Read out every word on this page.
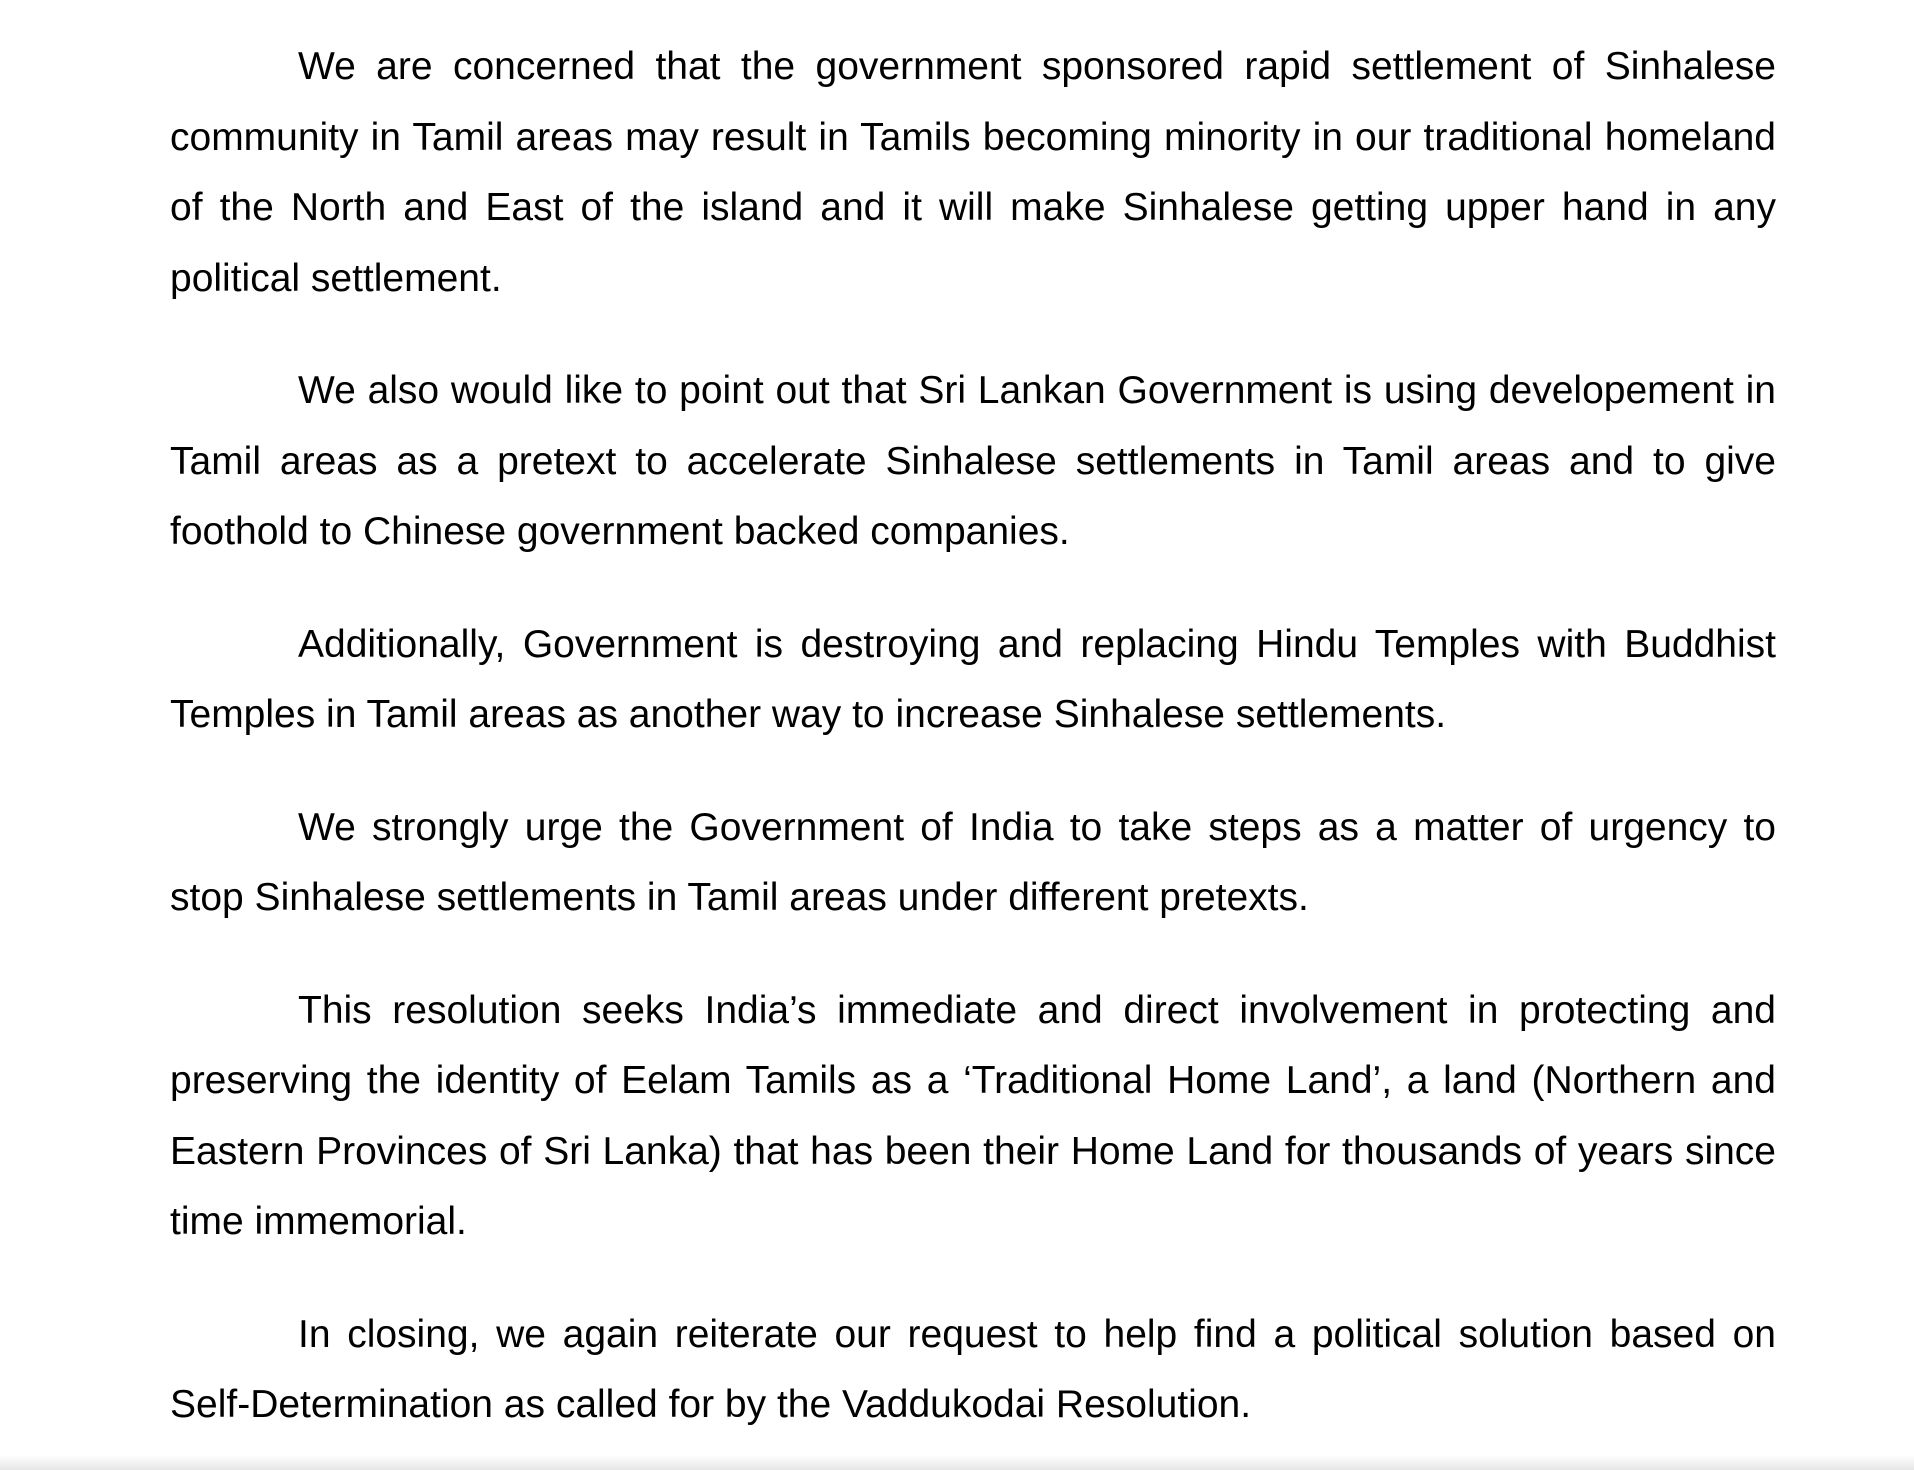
We are concerned that the government sponsored rapid settlement of Sinhalese community in Tamil areas may result in Tamils becoming minority in our traditional homeland of the North and East of the island and it will make Sinhalese getting upper hand in any political settlement.

We also would like to point out that Sri Lankan Government is using developement in Tamil areas as a pretext to accelerate Sinhalese settlements in Tamil areas and to give foothold to Chinese government backed companies.

Additionally, Government is destroying and replacing Hindu Temples with Buddhist Temples in Tamil areas as another way to increase Sinhalese settlements.

We strongly urge the Government of India to take steps as a matter of urgency to stop Sinhalese settlements in Tamil areas under different pretexts.

This resolution seeks India’s immediate and direct involvement in protecting and preserving the identity of Eelam Tamils as a ‘Traditional Home Land’, a land (Northern and Eastern Provinces of Sri Lanka) that has been their Home Land for thousands of years since time immemorial.

In closing, we again reiterate our request to help find a political solution based on Self-Determination as called for by the Vaddukodai Resolution.
